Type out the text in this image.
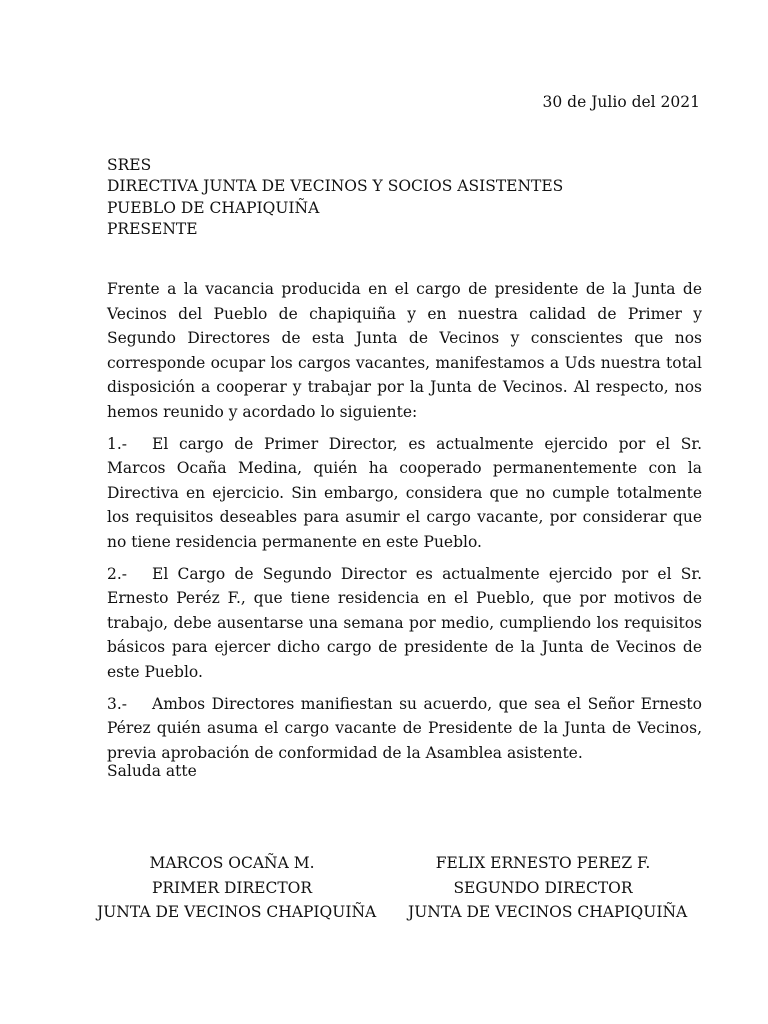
30 de Julio del 2021
SRES
DIRECTIVA JUNTA DE VECINOS Y SOCIOS ASISTENTES
PUEBLO DE CHAPIQUIÑA
PRESENTE

Frente a la vacancia producida en el cargo de presidente de la Junta de Vecinos del Pueblo de chapiquiña y en nuestra calidad de Primer y Segundo Directores de esta Junta de Vecinos y conscientes que nos corresponde ocupar los cargos vacantes, manifestamos a Uds nuestra total disposición a cooperar y trabajar por la Junta de Vecinos. Al respecto, nos hemos reunido y acordado lo siguiente:

1.- El cargo de Primer Director, es actualmente ejercido por el Sr. Marcos Ocaña Medina, quién ha cooperado permanentemente con la Directiva en ejercicio. Sin embargo, considera que no cumple totalmente los requisitos deseables para asumir el cargo vacante, por considerar que no tiene residencia permanente en este Pueblo.

2.- El Cargo de Segundo Director es actualmente ejercido por el Sr. Ernesto Peréz F., que tiene residencia en el Pueblo, que por motivos de trabajo, debe ausentarse una semana por medio, cumpliendo los requisitos básicos para ejercer dicho cargo de presidente de la Junta de Vecinos de este Pueblo.

3.- Ambos Directores manifiestan su acuerdo, que sea el Señor Ernesto Pérez quién asuma el cargo vacante de Presidente de la Junta de Vecinos, previa aprobación de conformidad de la Asamblea asistente.

Saluda atte
MARCOS OCAÑA M.
PRIMER DIRECTOR
JUNTA DE VECINOS CHAPIQUIÑA
FELIX ERNESTO PEREZ F.
SEGUNDO DIRECTOR
JUNTA DE VECINOS CHAPIQUIÑA
